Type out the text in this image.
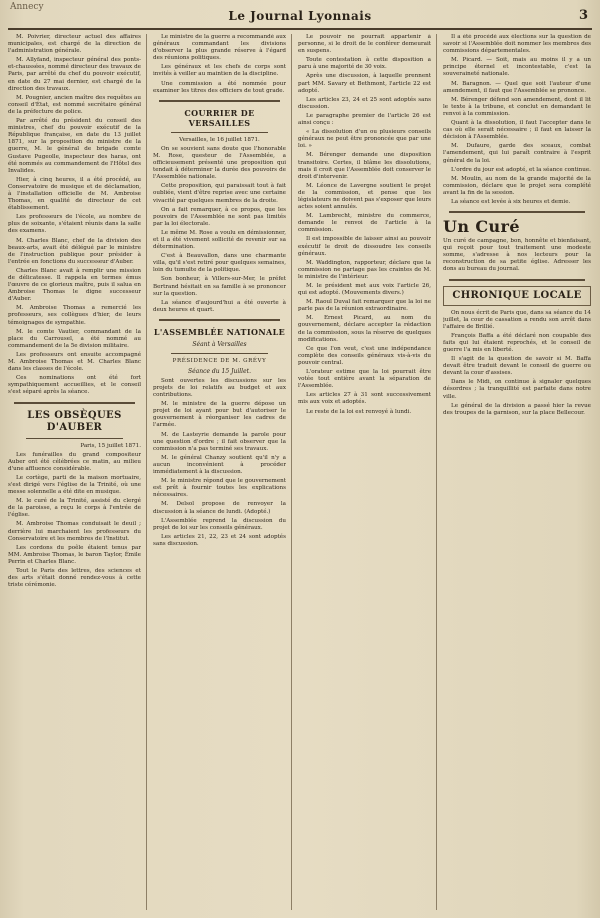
Annecy
Le Journal Lyonnais	3

M. Poivrier, directeur actuel des affaires municipales, est chargé de la direction de l'administration générale.

M. Allyfand, inspecteur général des ponts-et-chaussées, nommé directeur des travaux de Paris, par arrêté du chef du pouvoir exécutif, en date du 27 mai dernier, est chargé de la direction des travaux.

M. Pougnier, ancien maître des requêtes au conseil d'État, est nommé secrétaire général de la préfecture de police.

Par arrêté du président du conseil des ministres, chef du pouvoir exécutif de la République française, en date du 13 juillet 1871, sur la proposition du ministre de la guerre, M. le général de brigade comte Gustave Pugeolle, inspecteur des haras, ont été nommés au commandement de l'Hôtel des Invalides.

Hier, à cinq heures, il a été procédé, au Conservatoire de musique et de déclamation, à l'installation officielle de M. Ambroise Thomas, en qualité de directeur de cet établissement.

Les professeurs de l'école, au nombre de plus de soixante, s'étaient réunis dans la salle des examens.

M. Charles Blanc, chef de la division des beaux-arts, avait été délégué par le ministre de l'instruction publique pour présider à l'entrée en fonctions du successeur d'Auber.

Charles Blanc avait à remplir une mission de délicatesse. Il rappela en termes émus l'œuvre de ce glorieux maître, puis il salua en Ambroise Thomas le digne successeur d'Auber.

M. Ambroise Thomas a remercié les professeurs, ses collègues d'hier, de leurs témoignages de sympathie.

M. le comte Vautier, commandant de la place du Carrousel, a été nommé au commandement de la 5e division militaire.

Les professeurs ont ensuite accompagné M. Ambroise Thomas et M. Charles Blanc dans les classes de l'école.

Ces nominations ont été fort sympathiquement accueillies, et le conseil s'est séparé après la séance.

LES OBSÈQUES D'AUBER

Paris, 15 juillet 1871.

Les funérailles du grand compositeur Auber ont été célébrées ce matin, au milieu d'une affluence considérable.

Le cortège, parti de la maison mortuaire, s'est dirigé vers l'église de la Trinité, où une messe solennelle a été dite en musique.

M. le curé de la Trinité, assisté du clergé de la paroisse, a reçu le corps à l'entrée de l'église.

M. Ambroise Thomas conduisait le deuil ; derrière lui marchaient les professeurs du Conservatoire et les membres de l'Institut.

Les cordons du poêle étaient tenus par MM. Ambroise Thomas, le baron Taylor, Émile Perrin et Charles Blanc.

Tout le Paris des lettres, des sciences et des arts s'était donné rendez-vous à cette triste cérémonie.

Le ministre de la guerre a recommandé aux généraux commandant les divisions d'observer la plus grande réserve à l'égard des réunions politiques.

Les généraux et les chefs de corps sont invités à veiller au maintien de la discipline.

Une commission a été nommée pour examiner les titres des officiers de tout grade.

COURRIER DE VERSAILLES

Versailles, le 16 juillet 1871.

On se souvient sans doute que l'honorable M. Rose, questeur de l'Assemblée, a officieusement présenté une proposition qui tendait à déterminer la durée des pouvoirs de l'Assemblée nationale.

Cette proposition, qui paraissait tout à fait oubliée, vient d'être reprise avec une certaine vivacité par quelques membres de la droite.

On a fait remarquer, à ce propos, que les pouvoirs de l'Assemblée ne sont pas limités par la loi électorale.

Le même M. Rose a voulu en démissionner, et il a été vivement sollicité de revenir sur sa détermination.

C'est à Beauvallon, dans une charmante villa, qu'il s'est retiré pour quelques semaines, loin du tumulte de la politique.

Son bonheur, à Villers-sur-Mer, le préfet Bertrand hésitait en sa famille à se prononcer sur la question.

La séance d'aujourd'hui a été ouverte à deux heures et quart.

L'ASSEMBLÉE NATIONALE
Séant à Versailles
PRÉSIDENCE DE M. GRÉVY
Séance du 15 Juillet.

Sont ouvertes les discussions sur les projets de loi relatifs au budget et aux contributions.

M. le ministre de la guerre dépose un projet de loi ayant pour but d'autoriser le gouvernement à réorganiser les cadres de l'armée.

M. de Lasteyrie demande la parole pour une question d'ordre ; il fait observer que la commission n'a pas terminé ses travaux.

M. le général Chanzy soutient qu'il n'y a aucun inconvénient à procéder immédiatement à la discussion.

M. le ministre répond que le gouvernement est prêt à fournir toutes les explications nécessaires.

M. Delsol propose de renvoyer la discussion à la séance de lundi. (Adopté.)

L'Assemblée reprend la discussion du projet de loi sur les conseils généraux.

Les articles 21, 22, 23 et 24 sont adoptés sans discussion.

Le pouvoir ne pourrait appartenir à personne, si le droit de le conférer demeurait en suspens.

Toute contestation à cette disposition a paru à une majorité de 30 voix.

Après une discussion, à laquelle prennent part MM. Savary et Bethmont, l'article 22 est adopté.

Les articles 23, 24 et 25 sont adoptés sans discussion.

Le paragraphe premier de l'article 26 est ainsi conçu :

« La dissolution d'un ou plusieurs conseils généraux ne peut être prononcée que par une loi. »

M. Bérenger demande une disposition transitoire. Certes, il blâme les dissolutions, mais il croit que l'Assemblée doit conserver le droit d'intervenir.

M. Léonce de Lavergne soutient le projet de la commission, et pense que les législateurs ne doivent pas s'exposer que leurs actes soient annulés.

M. Lambrecht, ministre du commerce, demande le renvoi de l'article à la commission.

Il est impossible de laisser ainsi au pouvoir exécutif le droit de dissoudre les conseils généraux.

M. Waddington, rapporteur, déclare que la commission ne partage pas les craintes de M. le ministre de l'intérieur.

M. le président met aux voix l'article 26, qui est adopté. (Mouvements divers.)

M. Raoul Duval fait remarquer que la loi ne parle pas de la réunion extraordinaire.

M. Ernest Picard, au nom du gouvernement, déclare accepter la rédaction de la commission, sous la réserve de quelques modifications.

Ce que l'on veut, c'est une indépendance complète des conseils généraux vis-à-vis du pouvoir central.

L'orateur estime que la loi pourrait être votée tout entière avant la séparation de l'Assemblée.

Les articles 27 à 31 sont successivement mis aux voix et adoptés.

Le reste de la loi est renvoyé à lundi.

Il a été procédé aux élections sur la question de savoir si l'Assemblée doit nommer les membres des commissions départementales.

M. Picard. — Soit, mais au moins il y a un principe éternel et incontestable, c'est la souveraineté nationale.

M. Baragnon. — Quel que soit l'auteur d'une amendement, il faut que l'Assemblée se prononce.

M. Bérenger défend son amendement, dont il lit le texte à la tribune, et conclut en demandant le renvoi à la commission.

Quant à la dissolution, il faut l'accepter dans le cas où elle serait nécessaire ; il faut en laisser la décision à l'Assemblée.

M. Dufaure, garde des sceaux, combat l'amendement, qui lui paraît contraire à l'esprit général de la loi.

L'ordre du jour est adopté, et la séance continue.

M. Moulin, au nom de la grande majorité de la commission, déclare que le projet sera complété avant la fin de la session.

La séance est levée à six heures et demie.

Un Curé

Un curé de campagne, bon, honnête et bienfaisant, qui reçoit pour tout traitement une modeste somme, s'adresse à nos lecteurs pour la reconstruction de sa petite église. Adresser les dons au bureau du journal.

CHRONIQUE LOCALE

On nous écrit de Paris que, dans sa séance du 14 juillet, la cour de cassation a rendu son arrêt dans l'affaire de Brillié.

François Baffa a été déclaré non coupable des faits qui lui étaient reprochés, et le conseil de guerre l'a mis en liberté.

Il s'agit de la question de savoir si M. Baffa devait être traduit devant le conseil de guerre ou devant la cour d'assises.

Dans le Midi, on continue à signaler quelques désordres ; la tranquillité est parfaite dans notre ville.

Le général de la division a passé hier la revue des troupes de la garnison, sur la place Bellecour.
